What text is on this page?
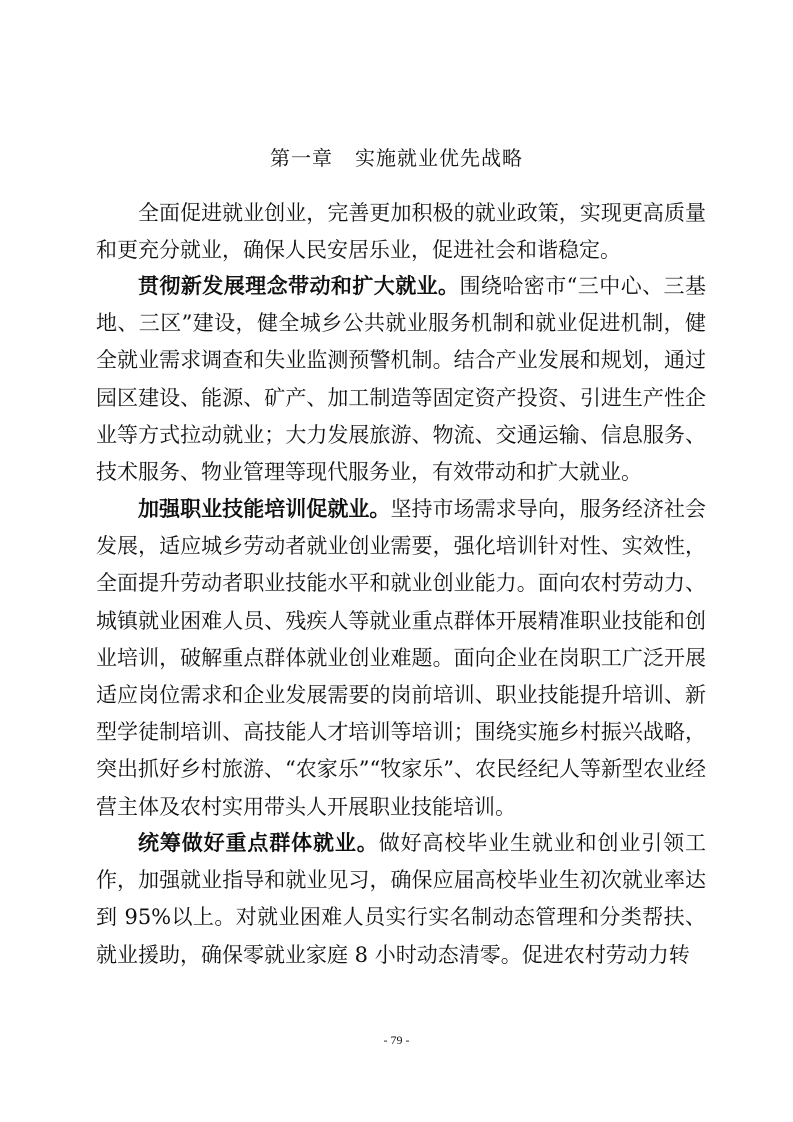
第一章   实施就业优先战略

全面促进就业创业，完善更加积极的就业政策，实现更高质量和更充分就业，确保人民安居乐业，促进社会和谐稳定。

贯彻新发展理念带动和扩大就业。围绕哈密市“三中心、三基地、三区”建设，健全城乡公共就业服务机制和就业促进机制，健全就业需求调查和失业监测预警机制。结合产业发展和规划，通过园区建设、能源、矿产、加工制造等固定资产投资、引进生产性企业等方式拉动就业；大力发展旅游、物流、交通运输、信息服务、技术服务、物业管理等现代服务业，有效带动和扩大就业。

加强职业技能培训促就业。坚持市场需求导向，服务经济社会发展，适应城乡劳动者就业创业需要，强化培训针对性、实效性，全面提升劳动者职业技能水平和就业创业能力。面向农村劳动力、城镇就业困难人员、残疾人等就业重点群体开展精准职业技能和创业培训，破解重点群体就业创业难题。面向企业在岗职工广泛开展适应岗位需求和企业发展需要的岗前培训、职业技能提升培训、新型学徒制培训、高技能人才培训等培训；围绕实施乡村振兴战略，突出抓好乡村旅游、“农家乐”“牧家乐”、农民经纪人等新型农业经营主体及农村实用带头人开展职业技能培训。

统筹做好重点群体就业。做好高校毕业生就业和创业引领工作，加强就业指导和就业见习，确保应届高校毕业生初次就业率达到 95%以上。对就业困难人员实行实名制动态管理和分类帮扶、就业援助，确保零就业家庭 8 小时动态清零。促进农村劳动力转

- 79 -
